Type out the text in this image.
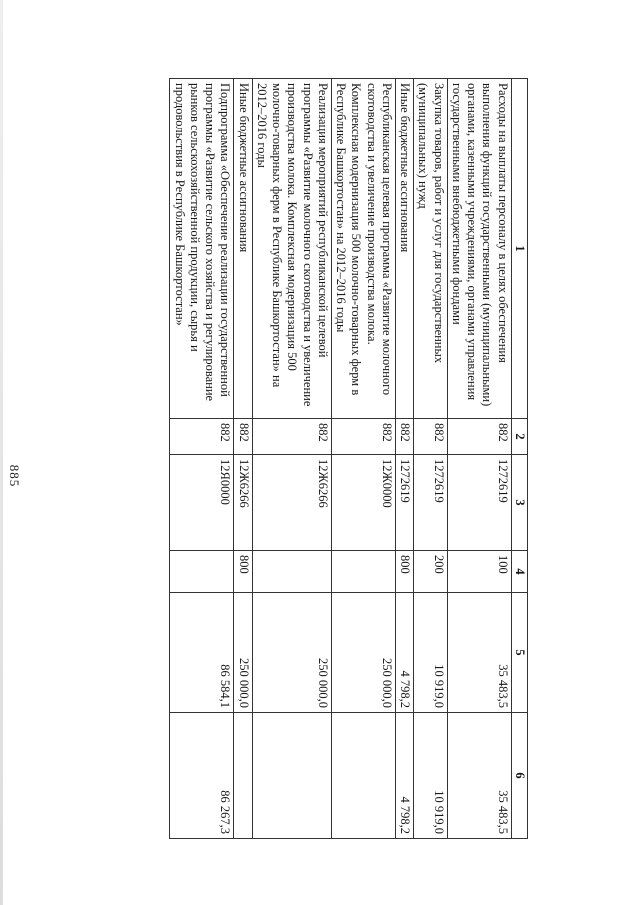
885
1	2	3	4	5	6
Расходы на выплаты персоналу в целях обеспечения выполнения функций государственными (муниципальными) органами, казенными учреждениями, органами управления государственными внебюджетными фондами	882	1272619	100	35 483,5	35 483,5
Закупка товаров, работ и услуг для государственных (муниципальных) нужд	882	1272619	200	10 919,0	10 919,0
Иные бюджетные ассигнования	882	1272619	800	4 798,2	4 798,2
Республиканская целевая программа «Развитие молочного скотоводства и увеличение производства молока. Комплексная модернизация 500 молочно-товарных ферм в Республике Башкортостан» на 2012–2016 годы	882	12Ж0000		250 000,0	
Реализация мероприятий республиканской целевой программы «Развитие молочного скотоводства и увеличение производства молока. Комплексная модернизация 500 молочно-товарных ферм в Республике Башкортостан» на 2012–2016 годы	882	12Ж6266		250 000,0	
Иные бюджетные ассигнования	882	12Ж6266	800	250 000,0	
Подпрограмма «Обеспечение реализации государственной программы «Развитие сельского хозяйства и регулирование рынков сельскохозяйственной продукции, сырья и продовольствия в Республике Башкортостан»	882	12Я0000		86 584,1	86 267,3
